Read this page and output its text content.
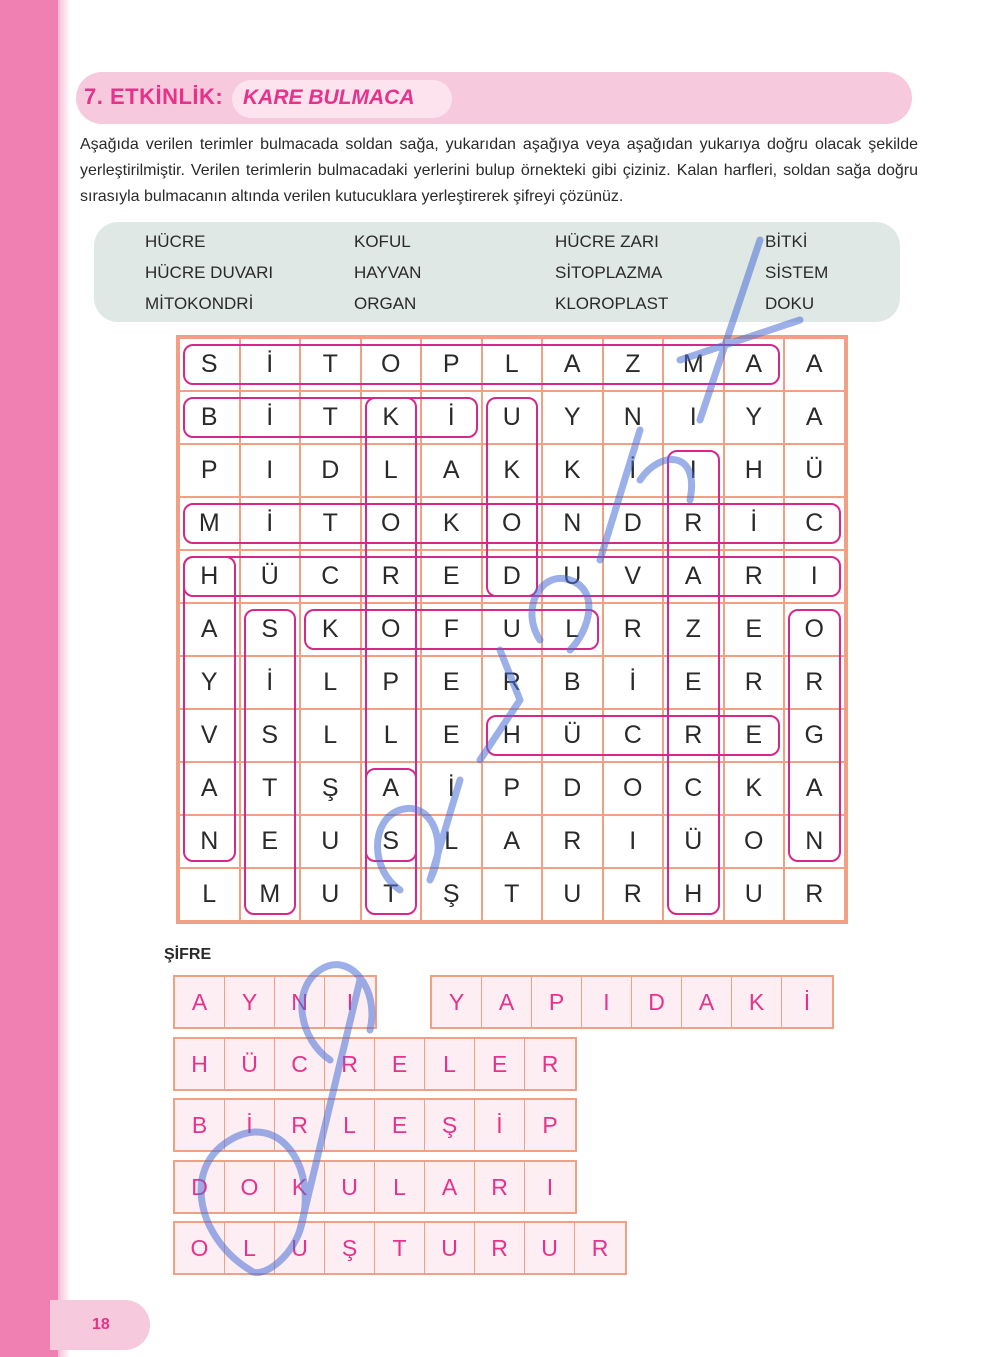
7. ETKİNLİK: KARE BULMACA
Aşağıda verilen terimler bulmacada soldan sağa, yukarıdan aşağıya veya aşağıdan yukarıya doğru olacak şekilde yerleştirilmiştir. Verilen terimlerin bulmacadaki yerlerini bulup örnekteki gibi çiziniz. Kalan harfleri, soldan sağa doğru sırasıyla bulmacanın altında verilen kutucuklara yerleştirerek şifreyi çözünüz.
HÜCRE
HÜCRE DUVARI
MİTOKONDRİ
KOFUL
HAYVAN
ORGAN
HÜCRE ZARI
SİTOPLAZMA
KLOROPLAST
BİTKİ
SİSTEM
DOKU
S	İ	T	O	P	L	A	Z	M	A	A
B	İ	T	K	İ	U	Y	N	I	Y	A
P	I	D	L	A	K	K	İ	I	H	Ü
M	İ	T	O	K	O	N	D	R	İ	C
H	Ü	C	R	E	D	U	V	A	R	I
A	S	K	O	F	U	L	R	Z	E	O
Y	İ	L	P	E	R	B	İ	E	R	R
V	S	L	L	E	H	Ü	C	R	E	G
A	T	Ş	A	İ	P	D	O	C	K	A
N	E	U	S	L	A	R	I	Ü	O	N
L	M	U	T	Ş	T	U	R	H	U	R
ŞİFRE
A	Y	N	I	Y	A	P	I	D	A	K	İ
H	Ü	C	R	E	L	E	R
B	İ	R	L	E	Ş	İ	P
D	O	K	U	L	A	R	I
O	L	U	Ş	T	U	R	U	R
18
